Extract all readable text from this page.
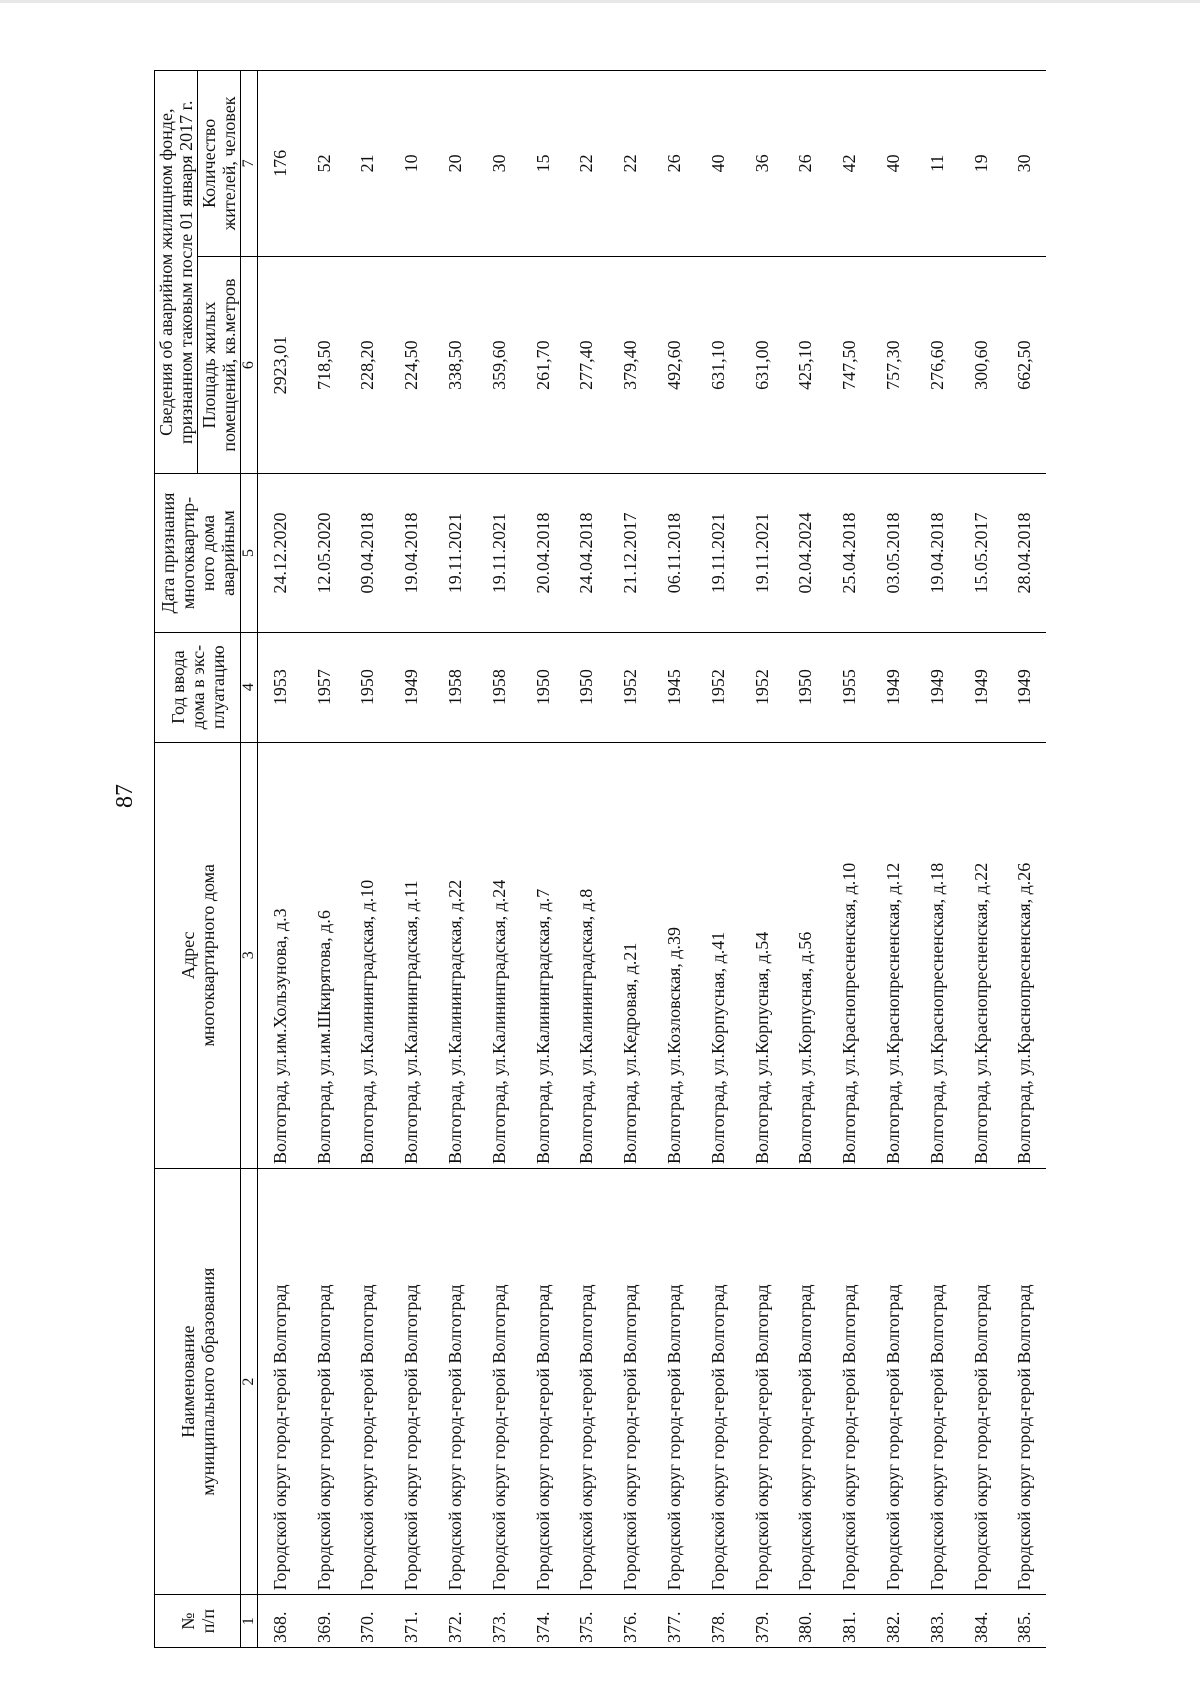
87
№
п/п	Наименование
муниципального образования	Адрес
многоквартирного дома	Год ввода
дома в экс-
плуатацию	Дата признания
многоквартир-
ного дома
аварийным	Сведения об аварийном жилищном фонде,
признанном таковым после 01 января 2017 г.	
					Площадь жилых
помещений, кв.метров	Количество
жителей, человек
1	2	3	4	5	6	7
368.	Городской округ город-герой Волгоград	Волгоград, ул.им.Хользунова, д.3	1953	24.12.2020	2923,01	176
369.	Городской округ город-герой Волгоград	Волгоград, ул.им.Шкирятова, д.6	1957	12.05.2020	718,50	52
370.	Городской округ город-герой Волгоград	Волгоград, ул.Калининградская, д.10	1950	09.04.2018	228,20	21
371.	Городской округ город-герой Волгоград	Волгоград, ул.Калининградская, д.11	1949	19.04.2018	224,50	10
372.	Городской округ город-герой Волгоград	Волгоград, ул.Калининградская, д.22	1958	19.11.2021	338,50	20
373.	Городской округ город-герой Волгоград	Волгоград, ул.Калининградская, д.24	1958	19.11.2021	359,60	30
374.	Городской округ город-герой Волгоград	Волгоград, ул.Калининградская, д.7	1950	20.04.2018	261,70	15
375.	Городской округ город-герой Волгоград	Волгоград, ул.Калининградская, д.8	1950	24.04.2018	277,40	22
376.	Городской округ город-герой Волгоград	Волгоград, ул.Кедровая, д.21	1952	21.12.2017	379,40	22
377.	Городской округ город-герой Волгоград	Волгоград, ул.Козловская, д.39	1945	06.11.2018	492,60	26
378.	Городской округ город-герой Волгоград	Волгоград, ул.Корпусная, д.41	1952	19.11.2021	631,10	40
379.	Городской округ город-герой Волгоград	Волгоград, ул.Корпусная, д.54	1952	19.11.2021	631,00	36
380.	Городской округ город-герой Волгоград	Волгоград, ул.Корпусная, д.56	1950	02.04.2024	425,10	26
381.	Городской округ город-герой Волгоград	Волгоград, ул.Краснопресненская, д.10	1955	25.04.2018	747,50	42
382.	Городской округ город-герой Волгоград	Волгоград, ул.Краснопресненская, д.12	1949	03.05.2018	757,30	40
383.	Городской округ город-герой Волгоград	Волгоград, ул.Краснопресненская, д.18	1949	19.04.2018	276,60	11
384.	Городской округ город-герой Волгоград	Волгоград, ул.Краснопресненская, д.22	1949	15.05.2017	300,60	19
385.	Городской округ город-герой Волгоград	Волгоград, ул.Краснопресненская, д.26	1949	28.04.2018	662,50	30
